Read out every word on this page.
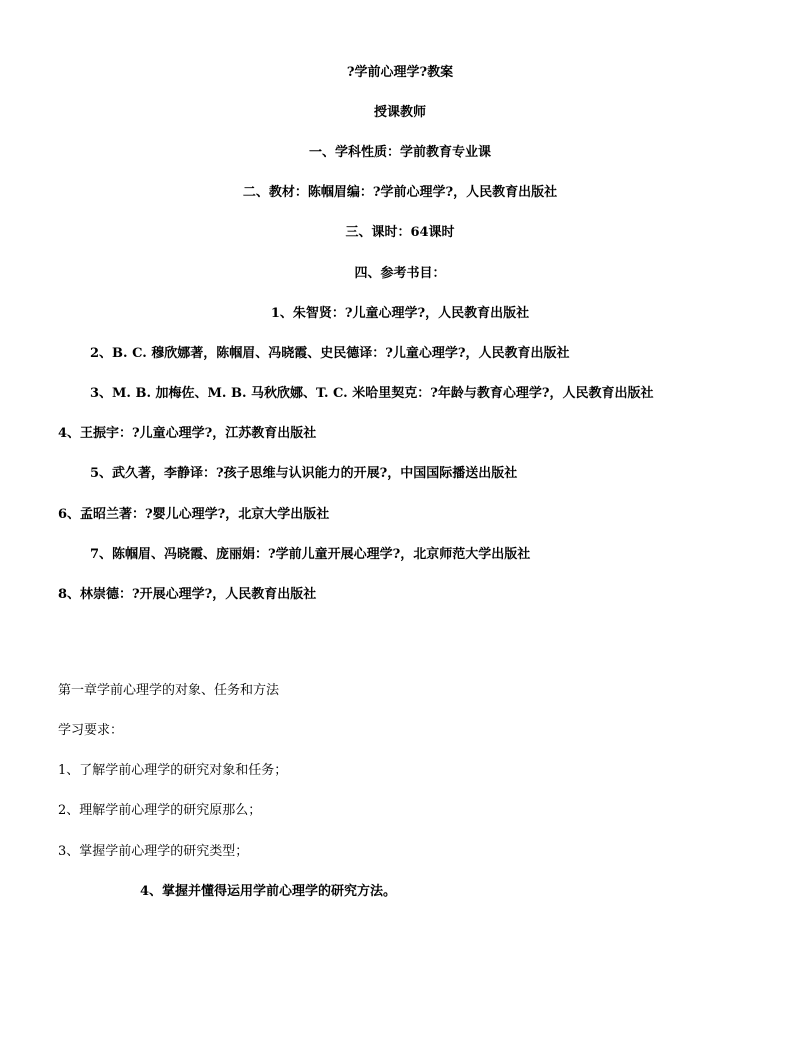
?学前心理学?教案
授课教师
一、学科性质：学前教育专业课
二、教材：陈帼眉编：?学前心理学?，人民教育出版社
三、课时：64课时
四、参考书目：
1、朱智贤：?儿童心理学?，人民教育出版社
2、B. C. 穆欣娜著，陈帼眉、冯晓霞、史民德译：?儿童心理学?，人民教育出版社
3、M. B. 加梅佐、M. B. 马秋欣娜、T. C. 米哈里契克：?年龄与教育心理学?，人民教育出版社
4、王振宇：?儿童心理学?，江苏教育出版社
5、武久著，李静译：?孩子思维与认识能力的开展?，中国国际播送出版社
6、孟昭兰著：?婴儿心理学?，北京大学出版社
7、陈帼眉、冯晓霞、庞丽娟：?学前儿童开展心理学?，北京师范大学出版社
8、林崇德：?开展心理学?，人民教育出版社
第一章学前心理学的对象、任务和方法
学习要求：
1、了解学前心理学的研究对象和任务；
2、理解学前心理学的研究原那么；
3、掌握学前心理学的研究类型；
4、掌握并懂得运用学前心理学的研究方法。
